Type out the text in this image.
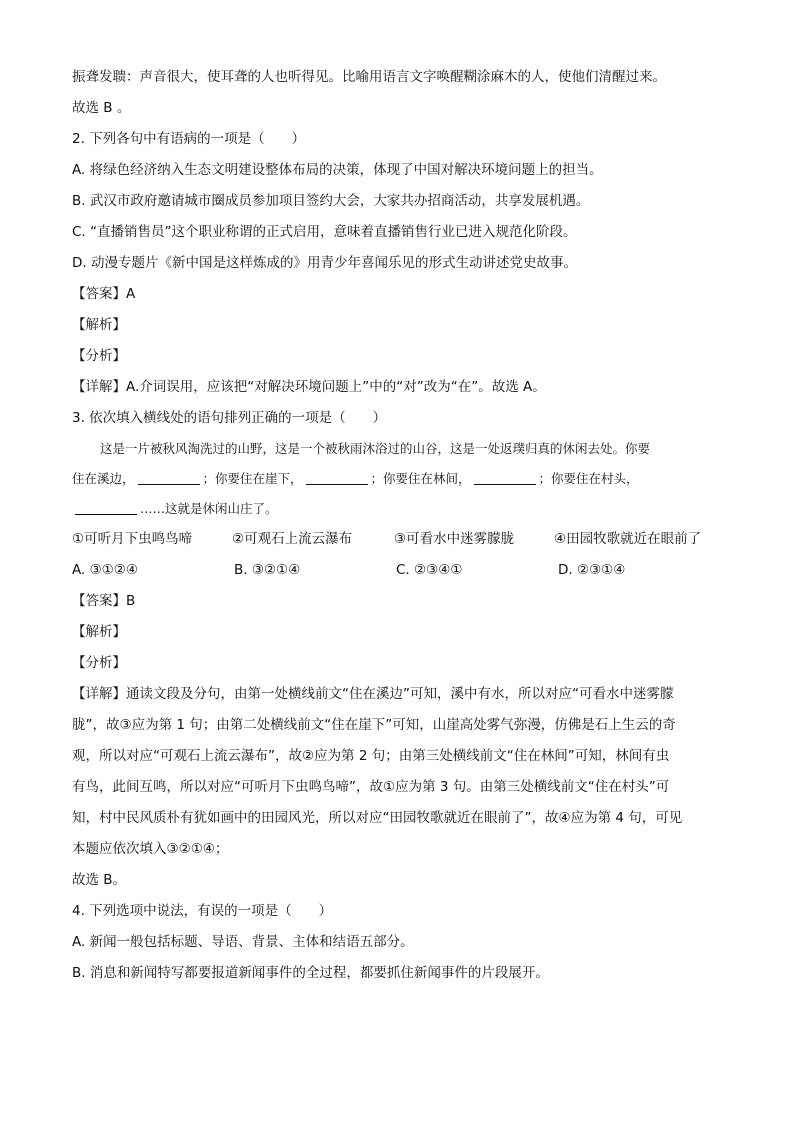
振聋发聩：声音很大，使耳聋的人也听得见。比喻用语言文字唤醒糊涂麻木的人，使他们清醒过来。
故选 B 。
2. 下列各句中有语病的一项是（　　）
A. 将绿色经济纳入生态文明建设整体布局的决策，体现了中国对解决环境问题上的担当。
B. 武汉市政府邀请城市圈成员参加项目签约大会，大家共办招商活动，共享发展机遇。
C. “直播销售员”这个职业称谓的正式启用，意味着直播销售行业已进入规范化阶段。
D. 动漫专题片《新中国是这样炼成的》用青少年喜闻乐见的形式生动讲述党史故事。
【答案】A
【解析】
【分析】
【详解】A.介词误用，应该把“对解决环境问题上”中的“对”改为“在”。故选 A。
3. 依次填入横线处的语句排列正确的一项是（　　）
这是一片被秋风淘洗过的山野，这是一个被秋雨沐浴过的山谷，这是一处返璞归真的休闲去处。你要
住在溪边，	；你要住在崖下，	；你要住在林间，	；你要住在村头，
……这就是休闲山庄了。
①可听月下虫鸣鸟啼	②可观石上流云瀑布	③可看水中迷雾朦胧	④田园牧歌就近在眼前了
A. ③①②④	B. ③②①④	C. ②③④①	D. ②③①④
【答案】B
【解析】
【分析】
【详解】通读文段及分句，由第一处横线前文“住在溪边”可知，溪中有水，所以对应“可看水中迷雾朦
胧”，故③应为第 1 句；由第二处横线前文“住在崖下”可知，山崖高处雾气弥漫，仿佛是石上生云的奇
观，所以对应“可观石上流云瀑布”，故②应为第 2 句；由第三处横线前文“住在林间”可知，林间有虫
有鸟，此间互鸣，所以对应“可听月下虫鸣鸟啼”，故①应为第 3 句。由第三处横线前文“住在村头”可
知，村中民风质朴有犹如画中的田园风光，所以对应“田园牧歌就近在眼前了”，故④应为第 4 句，可见
本题应依次填入③②①④；
故选 B。
4. 下列选项中说法，有误的一项是（　　）
A. 新闻一般包括标题、导语、背景、主体和结语五部分。
B. 消息和新闻特写都要报道新闻事件的全过程，都要抓住新闻事件的片段展开。
